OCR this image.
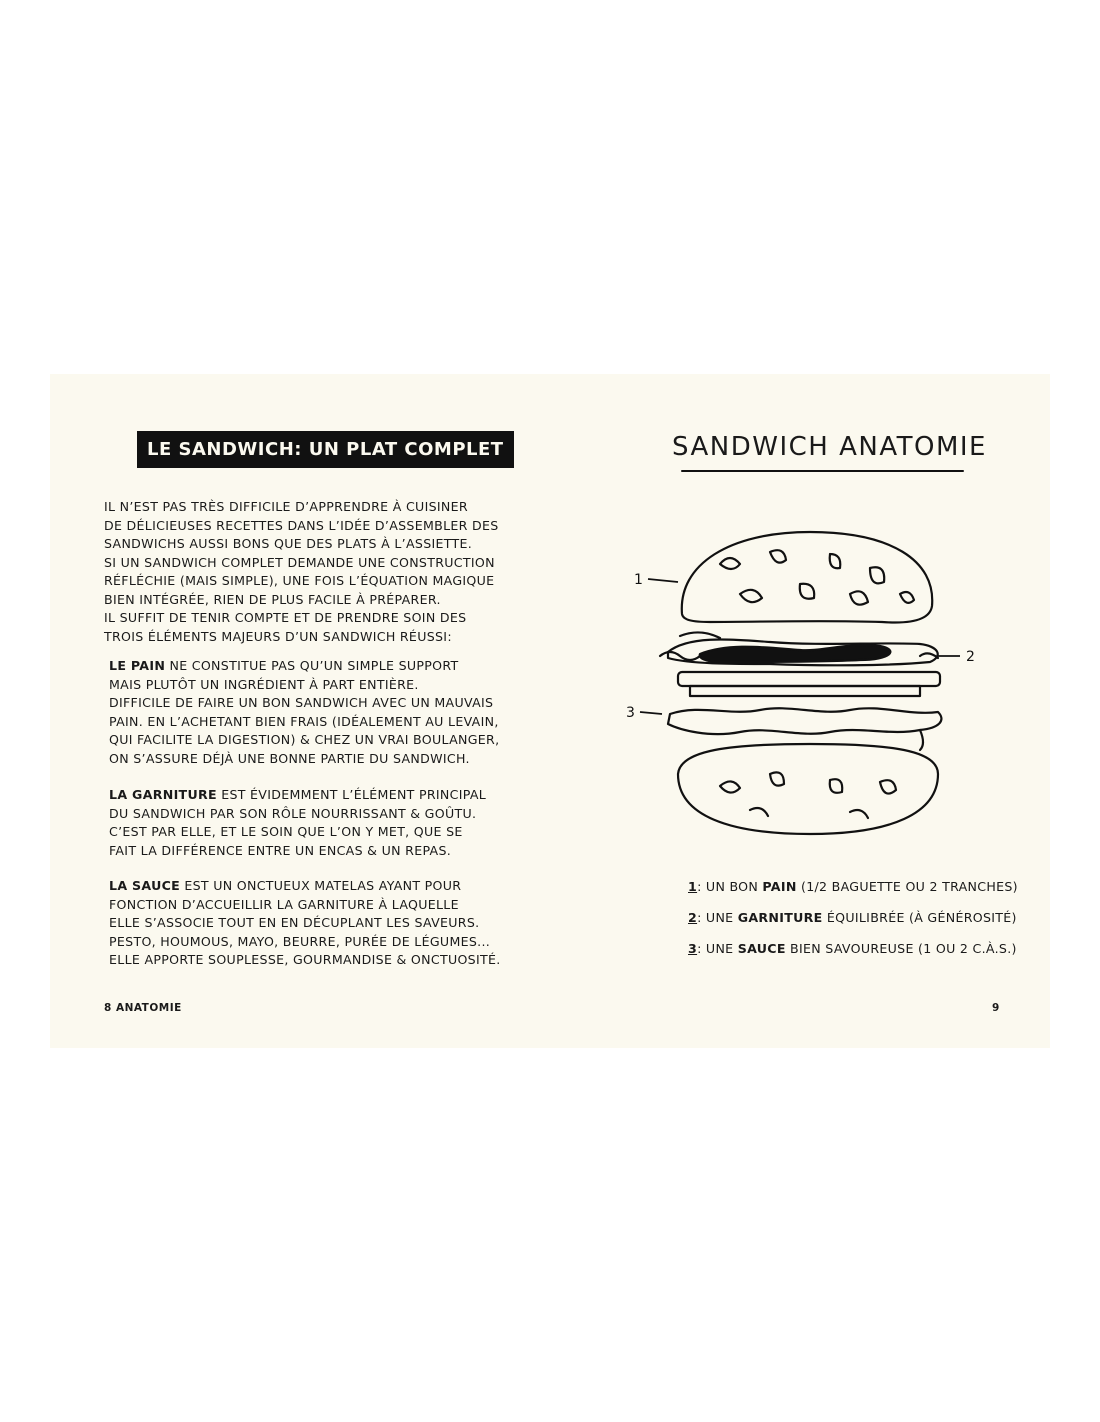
LE SANDWICH: UN PLAT COMPLET
IL N’EST PAS TRÈS DIFFICILE D’APPRENDRE À CUISINER
DE DÉLICIEUSES RECETTES DANS L’IDÉE D’ASSEMBLER DES
SANDWICHS AUSSI BONS QUE DES PLATS À L’ASSIETTE.
SI UN SANDWICH COMPLET DEMANDE UNE CONSTRUCTION
RÉFLÉCHIE (MAIS SIMPLE), UNE FOIS L’ÉQUATION MAGIQUE
BIEN INTÉGRÉE, RIEN DE PLUS FACILE À PRÉPARER.
IL SUFFIT DE TENIR COMPTE ET DE PRENDRE SOIN DES
TROIS ÉLÉMENTS MAJEURS D’UN SANDWICH RÉUSSI:
LE PAIN NE CONSTITUE PAS QU’UN SIMPLE SUPPORT
MAIS PLUTÔT UN INGRÉDIENT À PART ENTIÈRE.
DIFFICILE DE FAIRE UN BON SANDWICH AVEC UN MAUVAIS
PAIN. EN L’ACHETANT BIEN FRAIS (IDÉALEMENT AU LEVAIN,
QUI FACILITE LA DIGESTION) & CHEZ UN VRAI BOULANGER,
ON S’ASSURE DÉJÀ UNE BONNE PARTIE DU SANDWICH.
LA GARNITURE EST ÉVIDEMMENT L’ÉLÉMENT PRINCIPAL
DU SANDWICH PAR SON RÔLE NOURRISSANT & GOÛTU.
C’EST PAR ELLE, ET LE SOIN QUE L’ON Y MET, QUE SE
FAIT LA DIFFÉRENCE ENTRE UN ENCAS & UN REPAS.
LA SAUCE EST UN ONCTUEUX MATELAS AYANT POUR
FONCTION D’ACCUEILLIR LA GARNITURE À LAQUELLE
ELLE S’ASSOCIE TOUT EN EN DÉCUPLANT LES SAVEURS.
PESTO, HOUMOUS, MAYO, BEURRE, PURÉE DE LÉGUMES...
ELLE APPORTE SOUPLESSE, GOURMANDISE & ONCTUOSITÉ.
8 ANATOMIE
SANDWICH ANATOMIE
1
2
3
1: UN BON PAIN (1/2 BAGUETTE OU 2 TRANCHES)
2: UNE GARNITURE ÉQUILIBRÉE (À GÉNÉROSITÉ)
3: UNE SAUCE BIEN SAVOUREUSE (1 OU 2 C.À.S.)
9
